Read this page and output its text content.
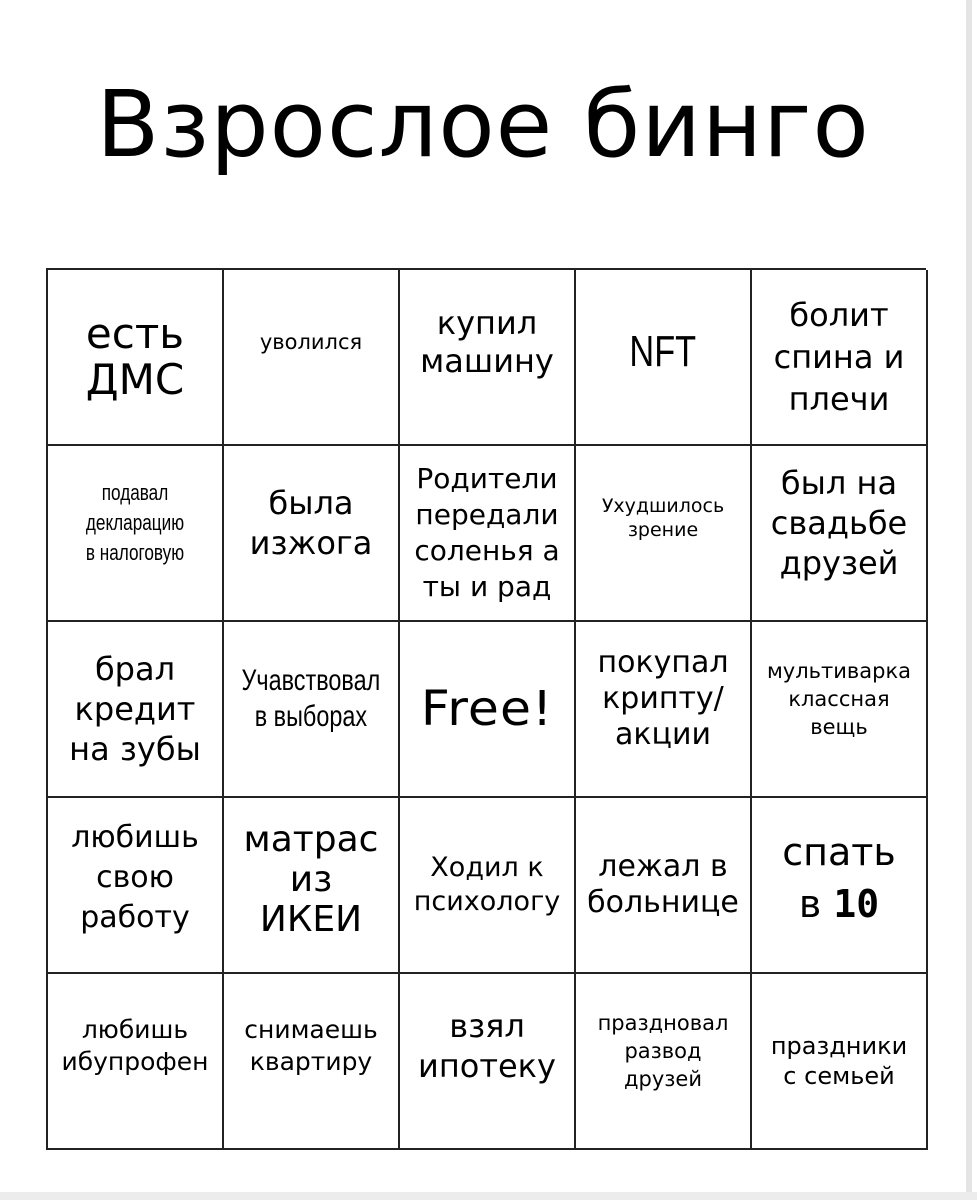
Взрослое бинго
есть
ДМС
уволился	купил
машину NFT
болит
спина и
плечи
подавал
декларацию
в налоговую
была
изжога
Родители
передали
соленья а
ты и рад
Ухудшилось
зрение
был на
свадьбе
друзей
брал
кредит
на зубы
Учавствовал
в выборах Free!
покупал
крипту/
акции
мультиварка
классная
вещь
любишь
свою
работу
матрас
из
ИКЕИ
Ходил к
психологу
лежал в
больнице
спать
в 10
любишь
ибупрофен
снимаешь
квартиру
взял
ипотеку
праздновал
развод
друзей
праздники
с семьей
